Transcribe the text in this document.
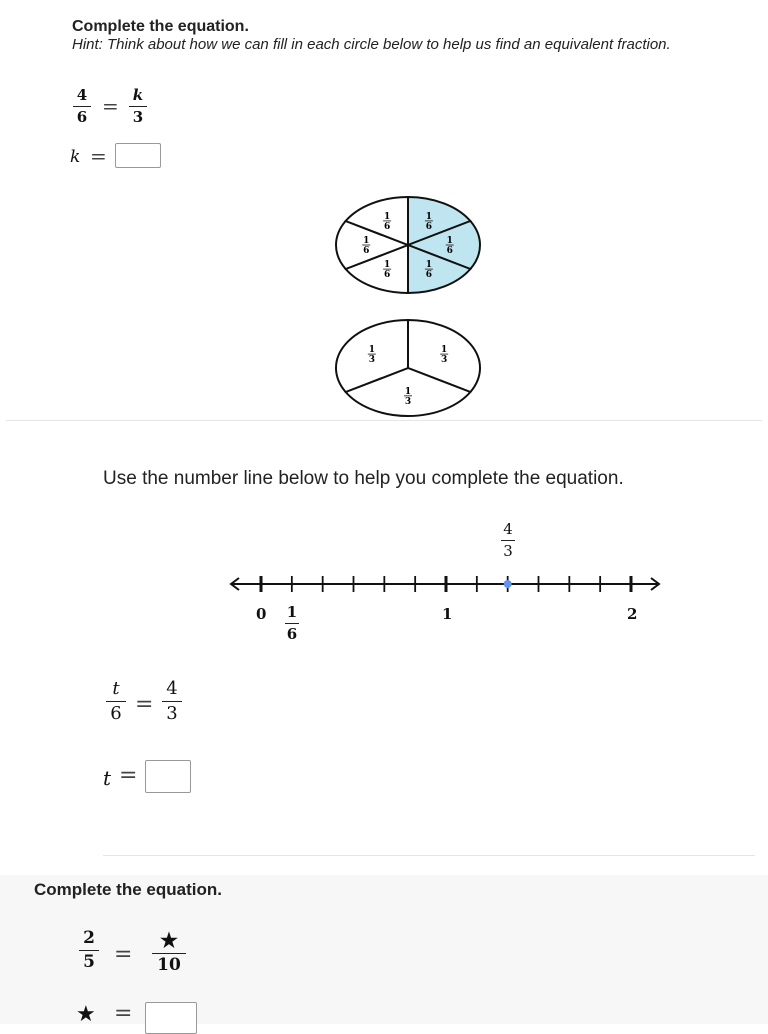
Complete the equation.
Hint: Think about how we can fill in each circle below to help us find an equivalent fraction.
4
6 = k
3
k =
1
6
1
6
1
6
1
6
1
6
1
6
1
3
1
3
1
3
Use the number line below to help you complete the equation.
4
3
0 1
6
1	2
t
6 =
4
3
t =
Complete the equation.
2
5 =
★
10
★ =
